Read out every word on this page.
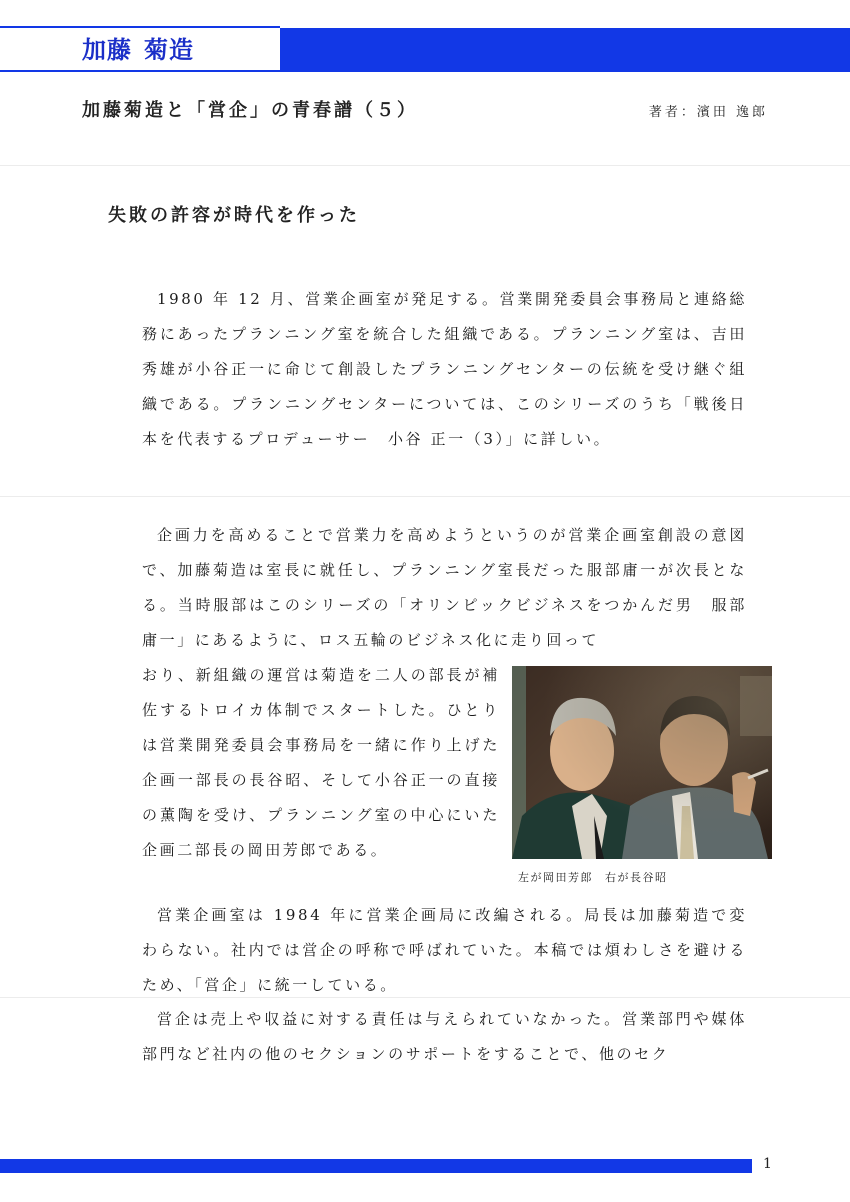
加藤 菊造
加藤菊造と「営企」の青春譜（５）	著者：濱田 逸郎
失敗の許容が時代を作った

1980 年 12 月、営業企画室が発足する。営業開発委員会事務局と連絡総務にあったプランニング室を統合した組織である。プランニング室は、吉田秀雄が小谷正一に命じて創設したプランニングセンターの伝統を受け継ぐ組織である。プランニングセンターについては、このシリーズのうち「戦後日本を代表するプロデューサー　小谷 正一（3）」に詳しい。

企画力を高めることで営業力を高めようというのが営業企画室創設の意図で、加藤菊造は室長に就任し、プランニング室長だった服部庸一が次長となる。当時服部はこのシリーズの「オリンピックビジネスをつかんだ男　服部庸一」にあるように、ロス五輪のビジネス化に走り回って

おり、新組織の運営は菊造を二人の部長が補佐するトロイカ体制でスタートした。ひとりは営業開発委員会事務局を一緒に作り上げた企画一部長の長谷昭、そして小谷正一の直接の薫陶を受け、プランニング室の中心にいた企画二部長の岡田芳郎である。

左が岡田芳郎 右が長谷昭

営業企画室は 1984 年に営業企画局に改編される。局長は加藤菊造で変わらない。社内では営企の呼称で呼ばれていた。本稿では煩わしさを避けるため、「営企」に統一している。

営企は売上や収益に対する責任は与えられていなかった。営業部門や媒体部門など社内の他のセクションのサポートをすることで、他のセク

1
